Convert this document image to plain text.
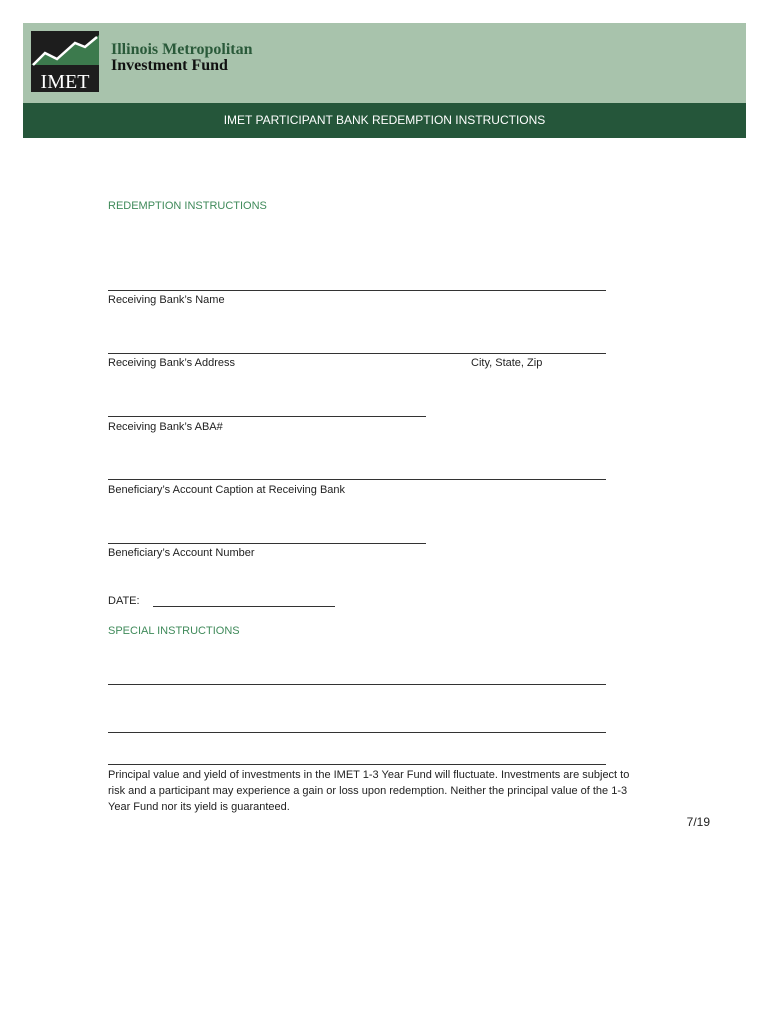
IMET
Illinois Metropolitan
Investment Fund
IMET PARTICIPANT BANK REDEMPTION INSTRUCTIONS
REDEMPTION INSTRUCTIONS
Receiving Bank’s Name
Receiving Bank’s Address	City, State, Zip
Receiving Bank’s ABA#
Beneficiary’s Account Caption at Receiving Bank
Beneficiary’s Account Number
DATE:
SPECIAL INSTRUCTIONS
Principal value and yield of investments in the IMET 1-3 Year Fund will fluctuate. Investments are subject to risk and a participant may experience a gain or loss upon redemption. Neither the principal value of the 1-3 Year Fund nor its yield is guaranteed.
7/19
